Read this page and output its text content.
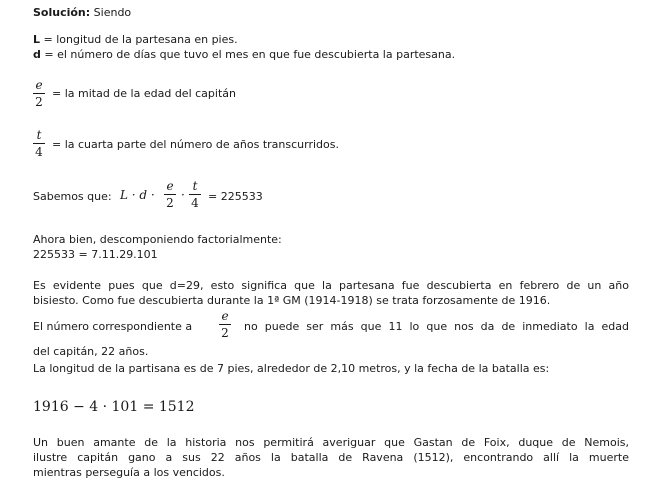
Solución: Siendo
L = longitud de la partesana en pies.
d = el número de días que tuvo el mes en que fue descubierta la partesana.
e
2
= la mitad de la edad del capitán
t
4
= la cuarta parte del número de años transcurridos.
Sabemos que: L · d ·
e
2
·
t
4 = 225533
Ahora bien, descomponiendo factorialmente:
225533 = 7.11.29.101
Es evidente pues que d=29, esto significa que la partesana fue descubierta en febrero de un año
bisiesto. Como fue descubierta durante la 1ª GM (1914-1918) se trata forzosamente de 1916.
El número correspondiente a
e
2 no puede ser más que 11 lo que nos da de inmediato la edad
del capitán, 22 años.
La longitud de la partisana es de 7 pies, alrededor de 2,10 metros, y la fecha de la batalla es:
1916 − 4 · 101 = 1512
Un buen amante de la historia nos permitirá averiguar que Gastan de Foix, duque de Nemois,
ilustre capitán gano a sus 22 años la batalla de Ravena (1512), encontrando allí la muerte
mientras perseguía a los vencidos.
